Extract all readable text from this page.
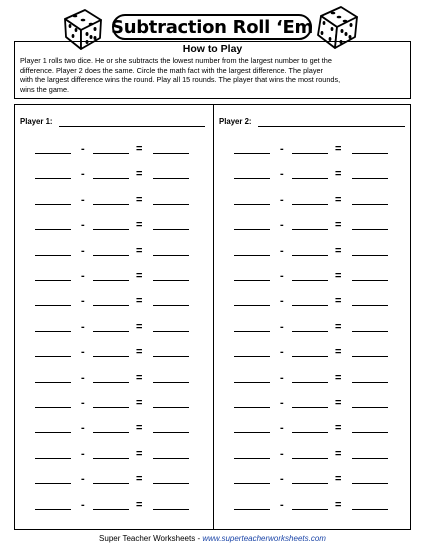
Subtraction Roll ‘Em
How to Play
Player 1 rolls two dice. He or she subtracts the lowest number from the largest number to get the
difference. Player 2 does the same. Circle the math fact with the largest difference. The player
with the largest difference wins the round. Play all 15 rounds. The player that wins the most rounds,
wins the game.
Player 1:	Player 2:
-	=
-	=
-	=
-	=
-	=
-	=
-	=
-	=
-	=
-	=
-	=
-	=
-	=
-	=
-	=
-	=
-	=
-	=
-	=
-	=
-	=
-	=
-	=
-	=
-	=
-	=
-	=
-	=
-	=
-	=
Super Teacher Worksheets - www.superteacherworksheets.com
